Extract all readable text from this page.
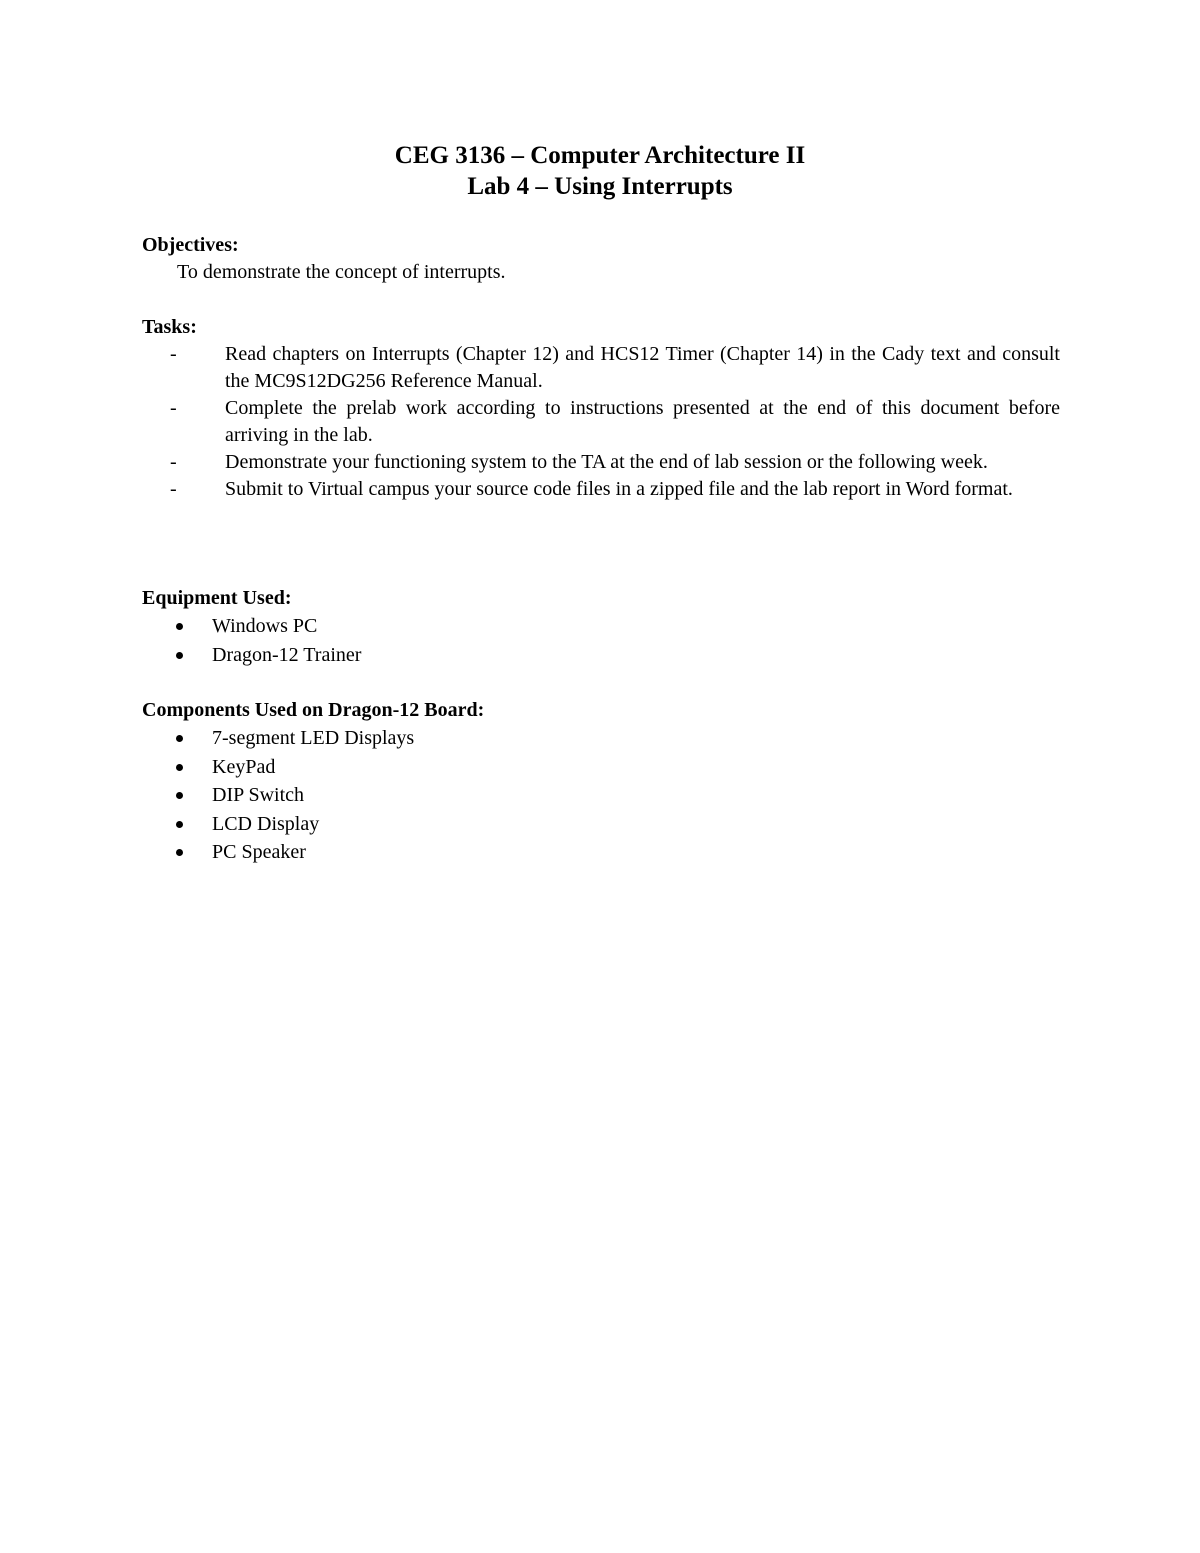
CEG 3136 – Computer Architecture II
Lab 4 – Using Interrupts
Objectives:
To demonstrate the concept of interrupts.
Tasks:
- Read chapters on Interrupts (Chapter 12) and HCS12 Timer (Chapter 14) in the Cady text and consult the MC9S12DG256 Reference Manual.
- Complete the prelab work according to instructions presented at the end of this document before arriving in the lab.
- Demonstrate your functioning system to the TA at the end of lab session or the following week.
- Submit to Virtual campus your source code files in a zipped file and the lab report in Word format.
Equipment Used:
Windows PC
Dragon-12 Trainer
Components Used on Dragon-12 Board:
7-segment LED Displays
KeyPad
DIP Switch
LCD Display
PC Speaker
